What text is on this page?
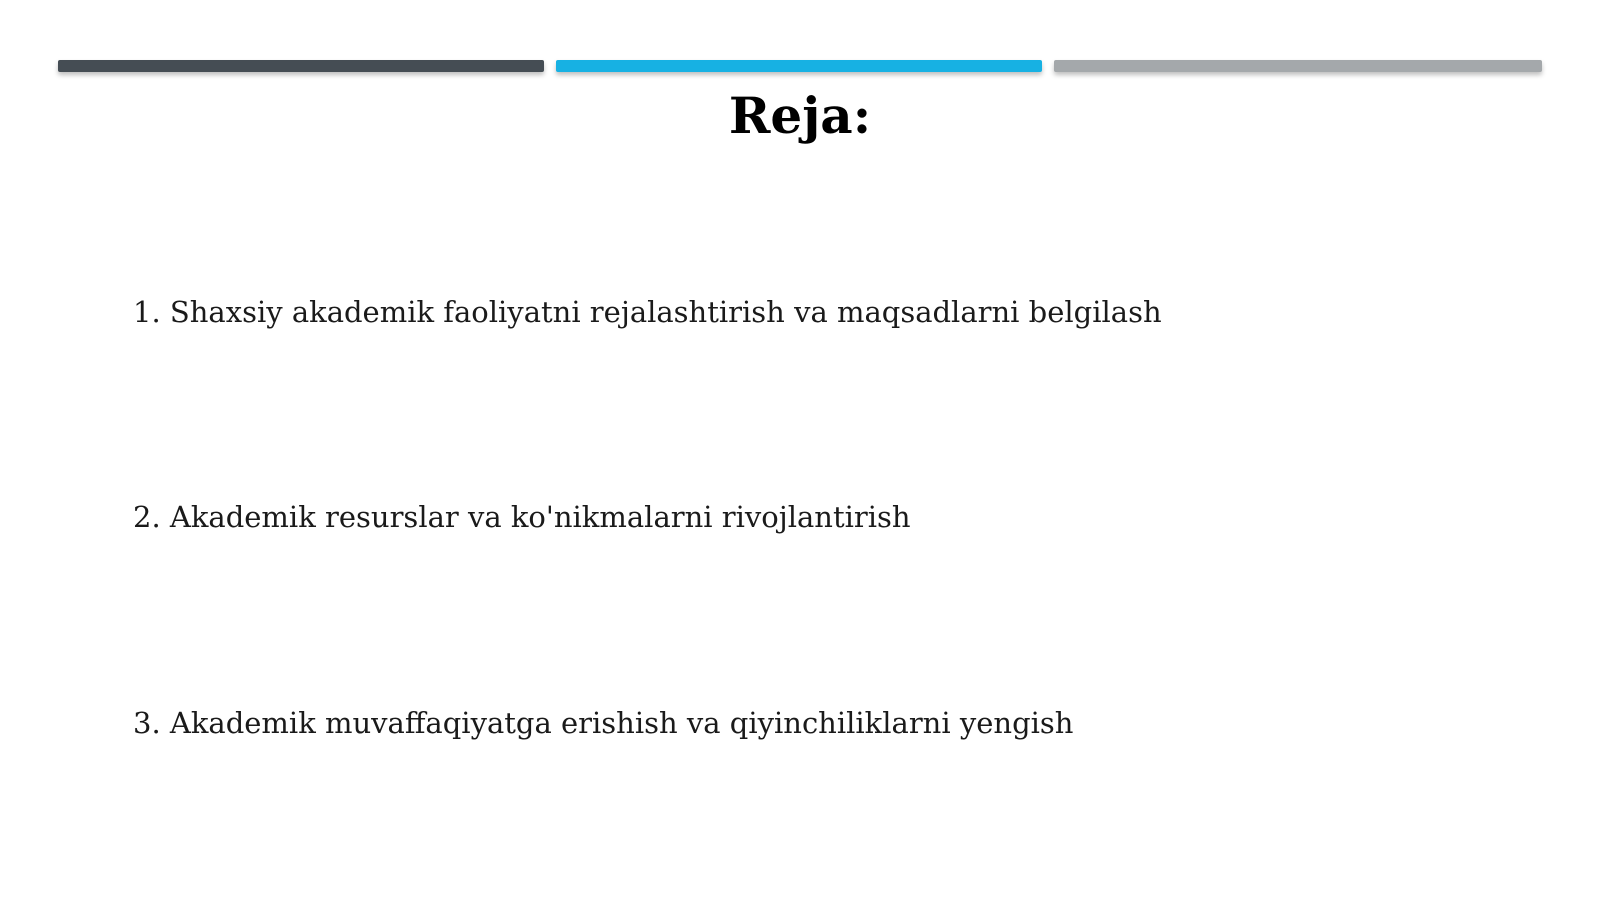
Reja:
1. Shaxsiy akademik faoliyatni rejalashtirish va maqsadlarni belgilash
2. Akademik resurslar va ko'nikmalarni rivojlantirish
3. Akademik muvaffaqiyatga erishish va qiyinchiliklarni yengish
